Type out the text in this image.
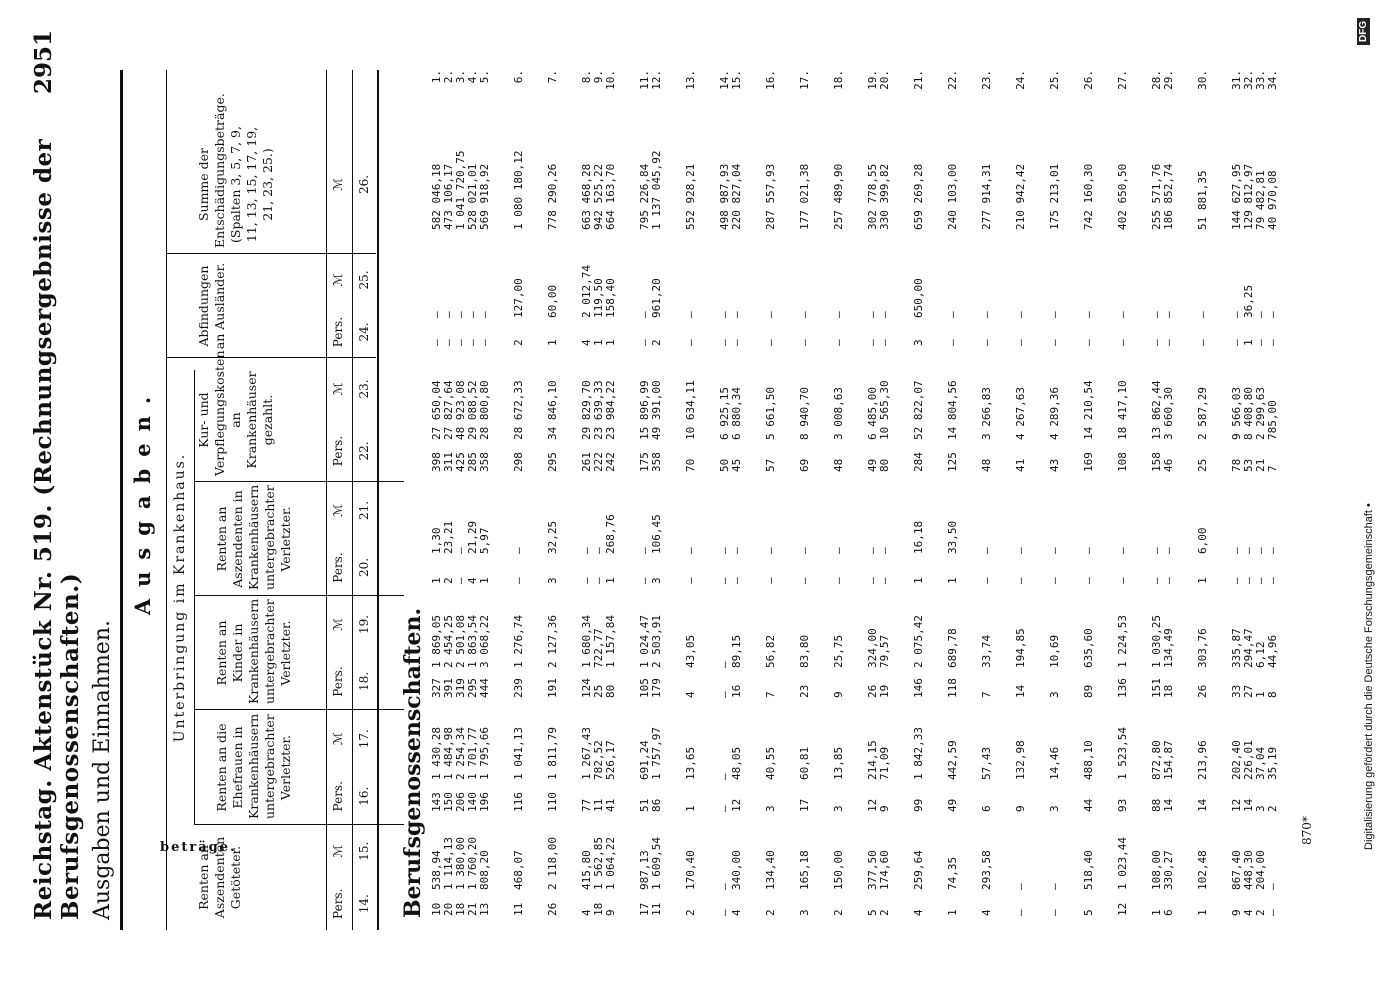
Reichstag. Aktenstück Nr. 519. (Rechnungsergebnisse der Berufsgenossenschaften.)
2951
Ausgaben und Einnahmen.
Ausgaben.	Unterbringung im Krankenhaus.
Renten an Aszendenten Getöteter.
Renten an die Ehefrauen in Krankenhäusern untergebrachter Verletzter.
Renten an Kinder in Krankenhäusern untergebrachter Verletzter.
Renten an Aszendenten in Krankenhäusern untergebrachter Verletzter.
Kur- und Verpflegungskosten an Krankenhäuser gezahlt.
Abfindungen an Ausländer.
Summe der Entschädigungsbeträge. (Spalten 3, 5, 7, 9, 11, 13, 15, 17, 19, 21, 23, 25.)
Pers.
ℳ
Pers.
ℳ
Pers.
ℳ
Pers.
ℳ
Pers.
ℳ
Pers.
ℳ
ℳ
14.
15.
16.
17.
18.
19.
20.
21.
22.
23.
24.
25.
26.
Berufsgenossenschaften. 10
538,94
143
1 430,28
327
1 869,05
1
1,30
398
27 650,04
—
—
582 046,18
1.
20
1 114,13
150
1 484,98
391
2 454,25
2
23,21
311
27 827,64
—
—
473 106,17
2.
18
1 380,00
206
2 254,34
319
2 501,08
—
—
425
48 923,08
—
—
1 041 720,75
3.
21
1 760,20
140
1 701,77
295
1 863,54
4
21,29
285
29 088,52
—
—
528 021,01
4.
13
808,20
196
1 795,66
444
3 068,22
1
5,97
358
28 800,80
—
—
569 918,92
5.
11
468,07
116
1 041,13
239
1 276,74
—
—
298
28 672,33
2
127,00
1 080 180,12
6.
26
2 118,00
110
1 811,79
191
2 127,36
3
32,25
295
34 846,10
1
60,00
778 290,26
7.
4
415,80
77
1 267,43
124
1 680,34
—
—
261
29 829,70
4
2 012,74
663 468,28
8.
18
1 562,85
11
782,52
25
722,77
—
—
222
23 639,33
1
119,50
942 525,22
9.
9
1 064,22
41
526,17
80
1 157,84
1
268,76
242
23 984,22
1
158,40
664 163,70
10.
17
987,13
51
691,24
105
1 024,47
—
—
175
15 896,99
—
—
795 226,84
11.
11
1 609,54
86
1 757,97
179
2 503,91
3
106,45
358
49 391,00
2
961,20
1 137 045,92
12.
2
170,40
1
13,65
4
43,05
—
—
70
10 634,11
—
—
552 928,21
13.
—
—
—
—
—
—
—
—
50
6 925,15
—
—
498 987,93
14.
4
340,00
12
48,05
16
89,15
—
—
45
6 880,34
—
—
220 827,04
15.
2
134,40
3
40,55
7
56,82
—
—
57
5 661,50
—
—
287 557,93
16.
3
165,18
17
60,81
23
83,80
—
—
69
8 940,70
—
—
177 021,38
17.
2
150,00
3
13,85
9
25,75
—
—
48
3 008,63
—
—
257 489,90
18.
5
377,50
12
214,15
26
324,00
—
—
49
6 485,00
—
—
302 778,55
19.
2
174,60
9
71,09
19
79,57
—
—
80
10 565,30
—
—
330 399,82
20.
4
259,64
99
1 842,33
146
2 075,42
1
16,18
284
52 822,07
3
650,00
659 269,28
21.
1
74,35
49
442,59
118
689,78
1
33,50
125
14 804,56
—
—
240 103,00
22.
4
293,58
6
57,43
7
33,74
—
—
48
3 266,83
—
—
277 914,31
23.
—
—
9
132,98
14
194,85
—
—
41
4 267,63
—
—
210 942,42
24.
—
—
3
14,46
3
10,69
—
—
43
4 289,36
—
—
175 213,01
25.
5
518,40
44
488,10
89
635,60
—
—
169
14 210,54
—
—
742 160,30
26.
12
1 023,44
93
1 523,54
136
1 224,53
—
—
108
18 417,10
—
—
402 650,50
27.
1
108,00
88
872,80
151
1 030,25
—
—
158
13 862,44
—
—
255 571,76
28.
6
330,27
14
154,87
18
134,49
—
—
46
3 660,30
—
—
186 852,74
29.
1
102,48
14
213,96
26
303,76
1
6,00
25
2 587,29
—
—
51 881,35
30.
9
867,40
12
202,40
33
335,87
—
—
78
9 566,03
—
—
144 627,95
31.
4
448,30
14
226,01
27
294,47
—
—
53
8 408,80
1
36,25
129 812,97
32.
2
204,00
3
37,04
1
6,12
—
—
21
2 299,63
—
—
79 482,81
33.
—
—
2
35,19
8
44,96
—
—
7
785,00
—
—
40 970,08
34.
870*	Digitalisierung gefördert durch die Deutsche Forschungsgemeinschaft •
DFG
beträge.
